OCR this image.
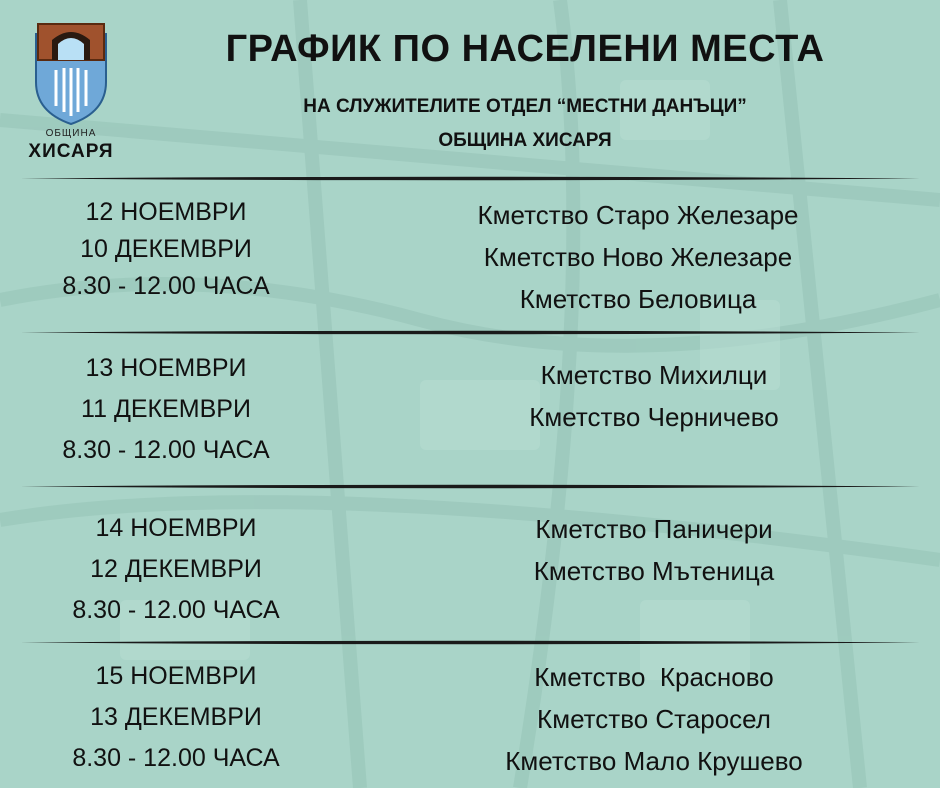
ОБЩИНА
ХИСАРЯ
ГРАФИК ПО НАСЕЛЕНИ МЕСТА
НА СЛУЖИТЕЛИТЕ ОТДЕЛ “МЕСТНИ ДАНЪЦИ”
ОБЩИНА ХИСАРЯ
12 НОЕМВРИ
10 ДЕКЕМВРИ
8.30 - 12.00 ЧАСА
Кметство Старо Железаре
Кметство Ново Железаре
Кметство Беловица
13 НОЕМВРИ
11 ДЕКЕМВРИ
8.30 - 12.00 ЧАСА
Кметство Михилци
Кметство Черничево
14 НОЕМВРИ
12 ДЕКЕМВРИ
8.30 - 12.00 ЧАСА
Кметство Паничери
Кметство Мътеница
15 НОЕМВРИ
13 ДЕКЕМВРИ
8.30 - 12.00 ЧАСА
Кметство  Красново
Кметство Старосел
Кметство Мало Крушево
